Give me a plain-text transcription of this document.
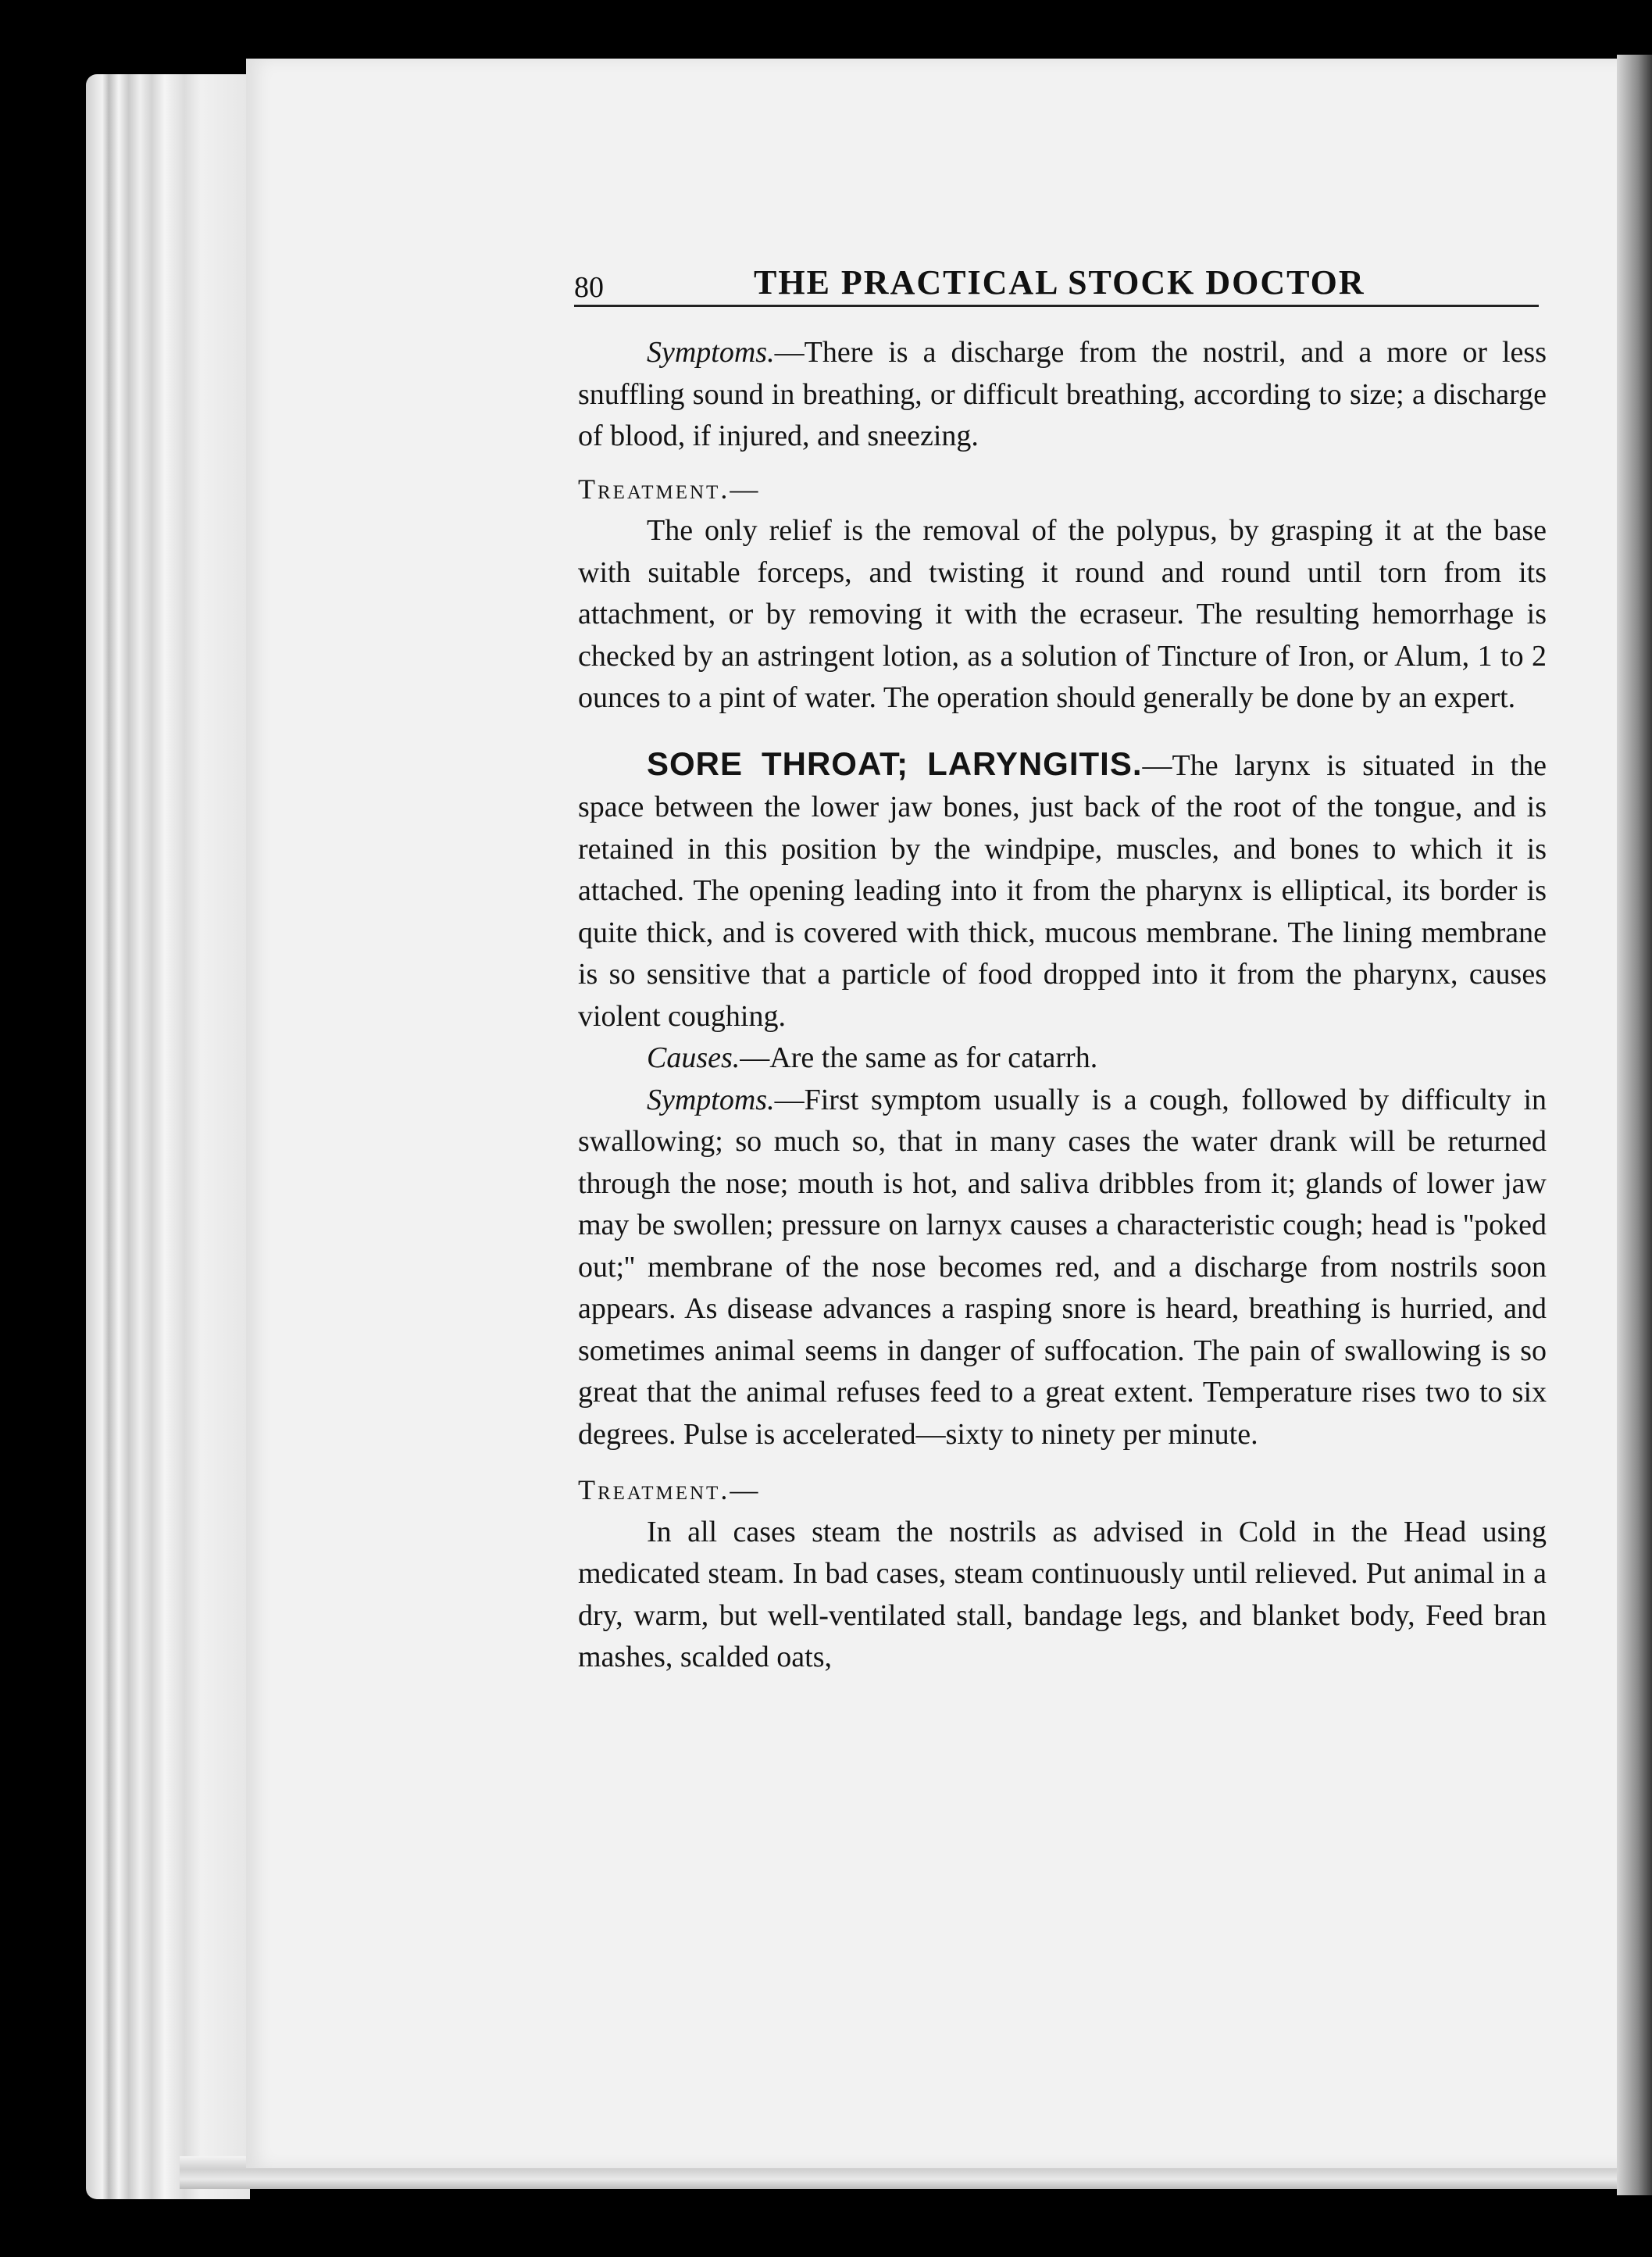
80	THE PRACTICAL STOCK DOCTOR

Symptoms.—There is a discharge from the nostril, and a more or less snuffling sound in breathing, or difficult breathing, according to size; a discharge of blood, if injured, and sneezing.

Treatment.—

The only relief is the removal of the polypus, by grasping it at the base with suitable forceps, and twisting it round and round until torn from its attachment, or by removing it with the ecraseur. The resulting hemorrhage is checked by an astringent lotion, as a solution of Tincture of Iron, or Alum, 1 to 2 ounces to a pint of water. The operation should generally be done by an expert.

SORE THROAT; LARYNGITIS.—The larynx is situated in the space between the lower jaw bones, just back of the root of the tongue, and is retained in this position by the windpipe, muscles, and bones to which it is attached. The opening leading into it from the pharynx is elliptical, its border is quite thick, and is covered with thick, mucous membrane. The lining membrane is so sensitive that a particle of food dropped into it from the pharynx, causes violent coughing.

Causes.—Are the same as for catarrh.

Symptoms.—First symptom usually is a cough, followed by difficulty in swallowing; so much so, that in many cases the water drank will be returned through the nose; mouth is hot, and saliva dribbles from it; glands of lower jaw may be swollen; pressure on larnyx causes a characteristic cough; head is ''poked out;'' membrane of the nose becomes red, and a discharge from nostrils soon appears. As disease advances a rasping snore is heard, breathing is hurried, and sometimes animal seems in danger of suffocation. The pain of swallowing is so great that the animal refuses feed to a great extent. Temperature rises two to six degrees. Pulse is accelerated—sixty to ninety per minute.

Treatment.—

In all cases steam the nostrils as advised in Cold in the Head using medicated steam. In bad cases, steam continuously until relieved. Put animal in a dry, warm, but well-ventilated stall, bandage legs, and blanket body, Feed bran mashes, scalded oats,
